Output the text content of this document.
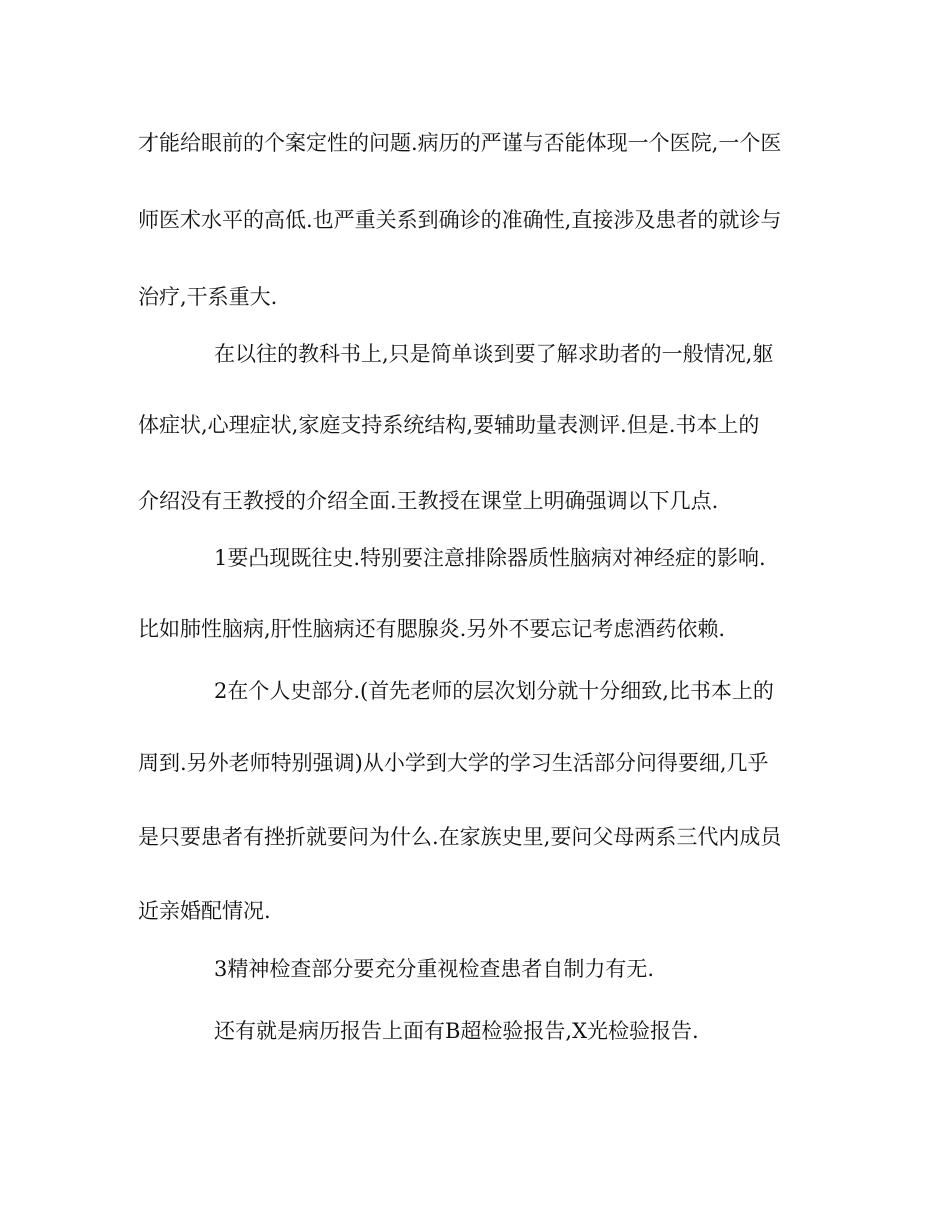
才能给眼前的个案定性的问题.病历的严谨与否能体现一个医院,一个医
师医术水平的高低.也严重关系到确诊的准确性,直接涉及患者的就诊与
治疗,干系重大.
在以往的教科书上,只是简单谈到要了解求助者的一般情况,躯
体症状,心理症状,家庭支持系统结构,要辅助量表测评.但是.书本上的
介绍没有王教授的介绍全面.王教授在课堂上明确强调以下几点.
1要凸现既往史.特别要注意排除器质性脑病对神经症的影响.
比如肺性脑病,肝性脑病还有腮腺炎.另外不要忘记考虑酒药依赖.
2在个人史部分.(首先老师的层次划分就十分细致,比书本上的
周到.另外老师特别强调)从小学到大学的学习生活部分问得要细,几乎
是只要患者有挫折就要问为什么.在家族史里,要问父母两系三代内成员
近亲婚配情况.
3精神检查部分要充分重视检查患者自制力有无.
还有就是病历报告上面有B超检验报告,X光检验报告.
